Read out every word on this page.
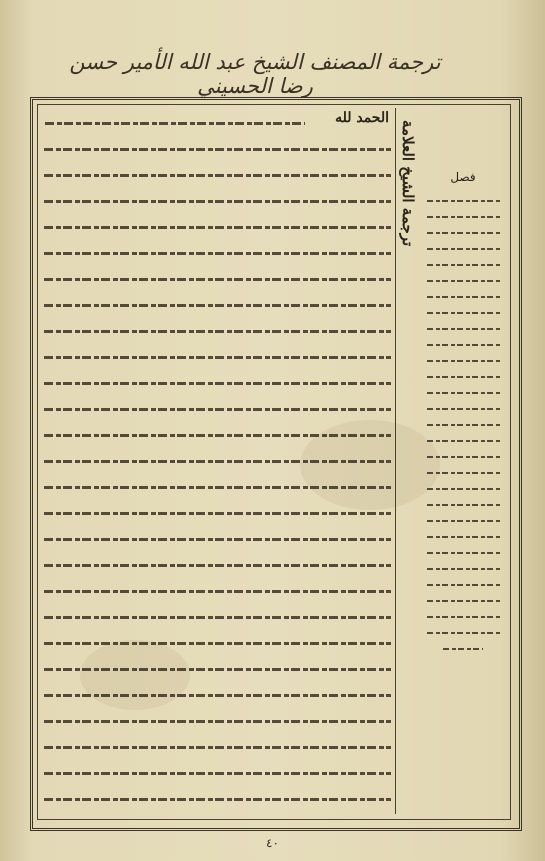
ترجمة المصنف الشيخ عبد الله الأمير حسن رضا الحسيني
الحمد لله
ترجمة الشيخ العلامة	فصل
٤٠
